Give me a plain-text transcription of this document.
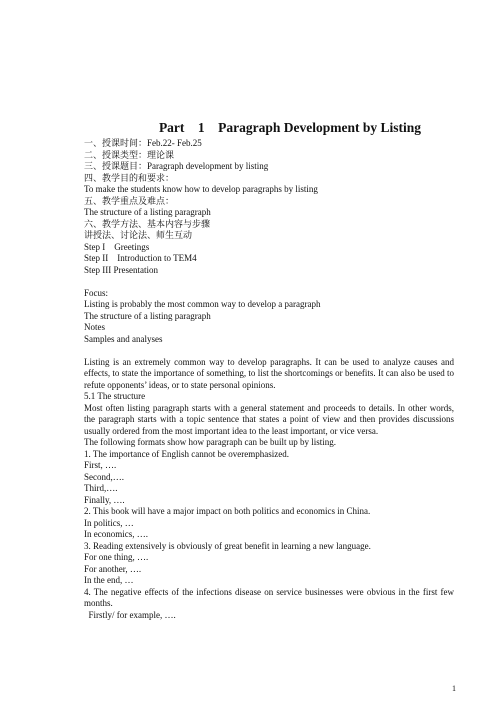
Part    1    Paragraph Development by Listing
一、授课时间：Feb.22- Feb.25
二、授课类型：理论课
三、授课题目：Paragraph development by listing
四、教学目的和要求：
To make the students know how to develop paragraphs by listing
五、教学重点及难点：
The structure of a listing paragraph
六、教学方法、基本内容与步骤
讲授法、讨论法、师生互动
Step I    Greetings
Step II    Introduction to TEM4
Step III Presentation
Focus:
Listing is probably the most common way to develop a paragraph
The structure of a listing paragraph
Notes
Samples and analyses
Listing is an extremely common way to develop paragraphs. It can be used to analyze causes and effects, to state the importance of something, to list the shortcomings or benefits. It can also be used to refute opponents’ ideas, or to state personal opinions.
5.1 The structure
Most often listing paragraph starts with a general statement and proceeds to details. In other words, the paragraph starts with a topic sentence that states a point of view and then provides discussions usually ordered from the most important idea to the least important, or vice versa.
The following formats show how paragraph can be built up by listing.
1. The importance of English cannot be overemphasized.
First, ….
Second,….
Third,….
Finally, ….
2. This book will have a major impact on both politics and economics in China.
In politics, …
In economics, ….
3. Reading extensively is obviously of great benefit in learning a new language.
For one thing, ….
For another, ….
In the end, …
4. The negative effects of the infections disease on service businesses were obvious in the first few months.
Firstly/ for example, ….
1
